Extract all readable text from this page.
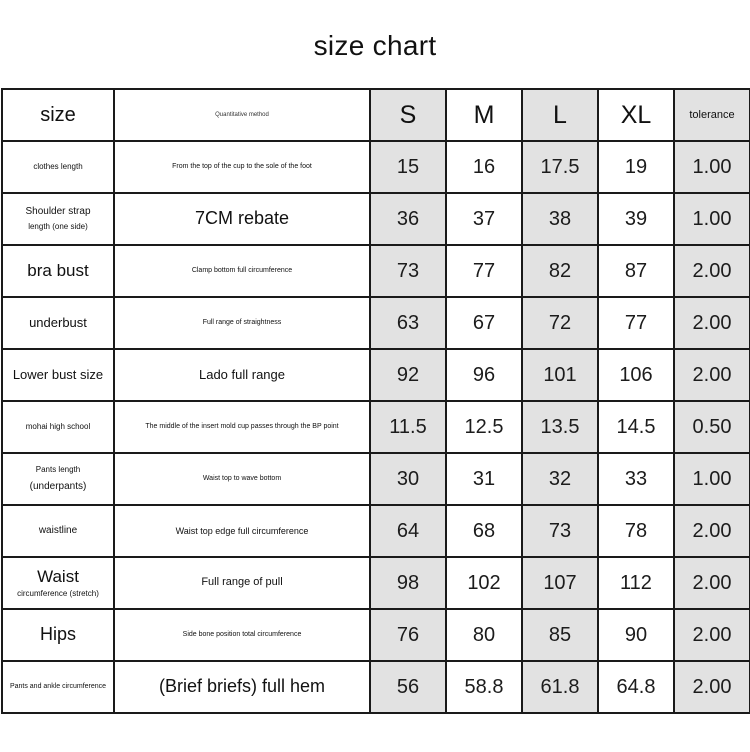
size chart
size	Quantitative method	S	M	L	XL	tolerance
clothes length	From the top of the cup to the sole of the foot	15	16	17.5	19	1.00

Shoulder strap
length (one side)	7CM rebate	36	37	38	39	1.00
bra bust	Clamp bottom full circumference	73	77	82	87	2.00
underbust	Full range of straightness	63	67	72	77	2.00
Lower bust size	Lado full range	92	96	101	106	2.00
mohai high school	The middle of the insert mold cup passes through the BP point	11.5	12.5	13.5	14.5	0.50

Pants length
(underpants)	Waist top to wave bottom	30	31	32	33	1.00
waistline	Waist top edge full circumference	64	68	73	78	2.00

Waist
circumference (stretch)	Full range of pull	98	102	107	112	2.00
Hips	Side bone position total circumference	76	80	85	90	2.00
Pants and ankle circumference	(Brief briefs) full hem	56	58.8	61.8	64.8	2.00
